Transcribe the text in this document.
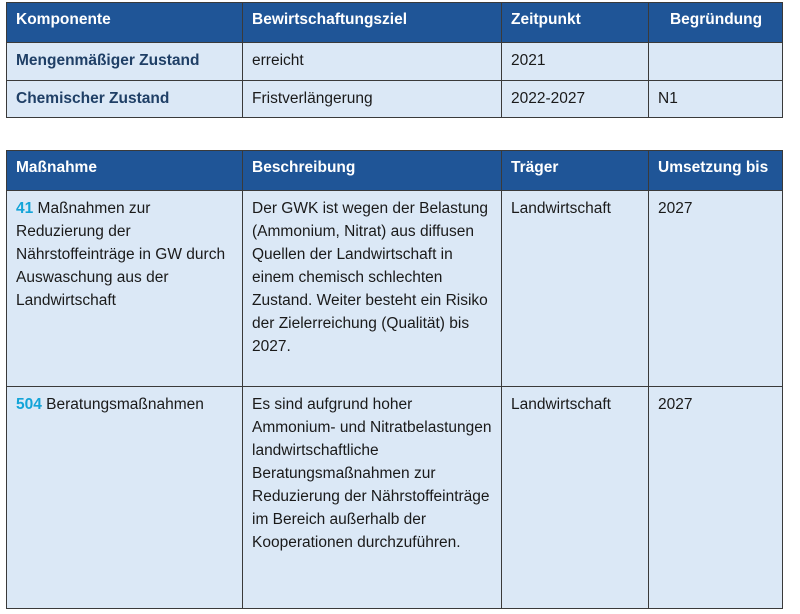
Komponente	Bewirtschaftungsziel	Zeitpunkt	Begründung
Mengenmäßiger Zustand	erreicht	2021	
Chemischer Zustand	Fristverlängerung	2022-2027	N1
Maßnahme	Beschreibung	Träger	Umsetzung bis
41 Maßnahmen zur Reduzierung der Nährstoffeinträge in GW durch Auswaschung aus der Landwirtschaft	Der GWK ist wegen der Belastung (Ammonium, Nitrat) aus diffusen Quellen der Landwirtschaft in einem chemisch schlechten Zustand. Weiter besteht ein Risiko der Zielerreichung (Qualität) bis 2027.	Landwirtschaft	2027
504 Beratungsmaßnahmen	Es sind aufgrund hoher Ammonium- und Nitratbelastungen landwirtschaftliche Beratungsmaßnahmen zur Reduzierung der Nährstoffeinträge im Bereich außerhalb der Kooperationen durchzuführen.	Landwirtschaft	2027
